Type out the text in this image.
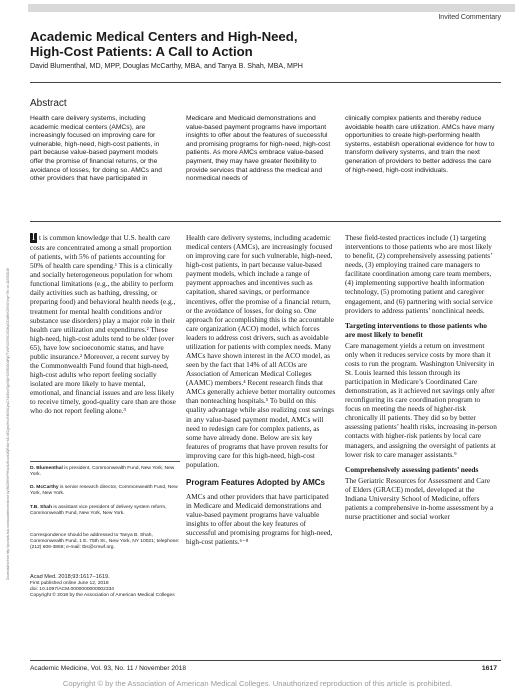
Invited Commentary
Academic Medical Centers and High-Need,
High-Cost Patients: A Call to Action
David Blumenthal, MD, MPP, Douglas McCarthy, MBA, and Tanya B. Shah, MBA, MPH
Abstract
Health care delivery systems, including academic medical centers (AMCs), are increasingly focused on improving care for vulnerable, high-need, high-cost patients, in part because value-based payment models offer the promise of financial returns, or the avoidance of losses, for doing so. AMCs and other providers that have participated in
Medicare and Medicaid demonstrations and value-based payment programs have important insights to offer about the features of successful and promising programs for high-need, high-cost patients. As more AMCs embrace value-based payment, they may have greater flexibility to provide services that address the medical and nonmedical needs of
clinically complex patients and thereby reduce avoidable health care utilization. AMCs have many opportunities to create high-performing health systems, establish operational evidence for how to transform delivery systems, and train the next generation of providers to better address the care of high-need, high-cost individuals.
Downloaded from http://journals.lww.com/academicmedicine by BhDMf5ePHKav1zEoum1tQfN4a+kJLhEZgbsIHo4XMi0hCywCX1AWnYQp/IlQrHD3i3D0OdRyi7TvSFl4Cf3VC4/OAVpDDa8KKGKV0Ymy+78= on 11/08/2018

I t is common knowledge that U.S. health care costs are concentrated among a small proportion of patients, with 5% of patients accounting for 50% of health care spending.¹ This is a clinically and socially heterogeneous population for whom functional limitations (e.g., the ability to perform daily activities such as bathing, dressing, or preparing food) and behavioral health needs (e.g., treatment for mental health conditions and/or substance use disorders) play a major role in their health care utilization and expenditures.² These high-need, high-cost adults tend to be older (over 65), have low socioeconomic status, and have public insurance.² Moreover, a recent survey by the Commonwealth Fund found that high-need, high-cost adults who report feeling socially isolated are more likely to have mental, emotional, and financial issues and are less likely to receive timely, good-quality care than are those who do not report feeling alone.³

D. Blumenthal is president, Commonwealth Fund, New York, New York.
D. McCarthy is senior research director, Commonwealth Fund, New York, New York.
T.B. Shah is assistant vice president of delivery system reform, Commonwealth Fund, New York, New York.
Correspondence should be addressed to Tanya B. Shah, Commonwealth Fund, 1 E. 75th St., New York, NY 10021; telephone: (212) 606-3856; e-mail: tbs@cmwf.org.
Acad Med. 2018;93:1617–1619.
First published online June 12, 2018
doi: 10.1097/ACM.0000000000002334
Copyright © 2018 by the Association of American Medical Colleges

Health care delivery systems, including academic medical centers (AMCs), are increasingly focused on improving care for such vulnerable, high-need, high-cost patients, in part because value-based payment models, which include a range of payment approaches and incentives such as capitation, shared savings, or performance incentives, offer the promise of a financial return, or the avoidance of losses, for doing so. One approach for accomplishing this is the accountable care organization (ACO) model, which forces leaders to address cost drivers, such as avoidable utilization for patients with complex needs. Many AMCs have shown interest in the ACO model, as seen by the fact that 14% of all ACOs are Association of American Medical Colleges (AAMC) members.⁴ Recent research finds that AMCs generally achieve better mortality outcomes than nonteaching hospitals.⁵ To build on this quality advantage while also realizing cost savings in any value-based payment model, AMCs will need to redesign care for complex patients, as some have already done. Below are six key features of programs that have proven results for improving care for this high-need, high-cost population.

Program Features Adopted by AMCs

AMCs and other providers that have participated in Medicare and Medicaid demonstrations and value-based payment programs have valuable insights to offer about the key features of successful and promising programs for high-need, high-cost patients.⁶⁻⁸

These field-tested practices include (1) targeting interventions to those patients who are most likely to benefit, (2) comprehensively assessing patients’ needs, (3) employing trained care managers to facilitate coordination among care team members, (4) implementing supportive health information technology, (5) promoting patient and caregiver engagement, and (6) partnering with social service providers to address patients’ nonclinical needs.

Targeting interventions to those patients who are most likely to benefit

Care management yields a return on investment only when it reduces service costs by more than it costs to run the program. Washington University in St. Louis learned this lesson through its participation in Medicare’s Coordinated Care demonstration, as it achieved net savings only after reconfiguring its care coordination program to focus on meeting the needs of higher-risk chronically ill patients. They did so by better assessing patients’ health risks, increasing in-person contacts with higher-risk patients by local care managers, and assigning the oversight of patients at lower risk to care manager assistants.⁹

Comprehensively assessing patients’ needs

The Geriatric Resources for Assessment and Care of Elders (GRACE) model, developed at the Indiana University School of Medicine, offers patients a comprehensive in-home assessment by a nurse practitioner and social worker

Academic Medicine, Vol. 93, No. 11 / November 2018	1617
Copyright © by the Association of American Medical Colleges. Unauthorized reproduction of this article is prohibited.
